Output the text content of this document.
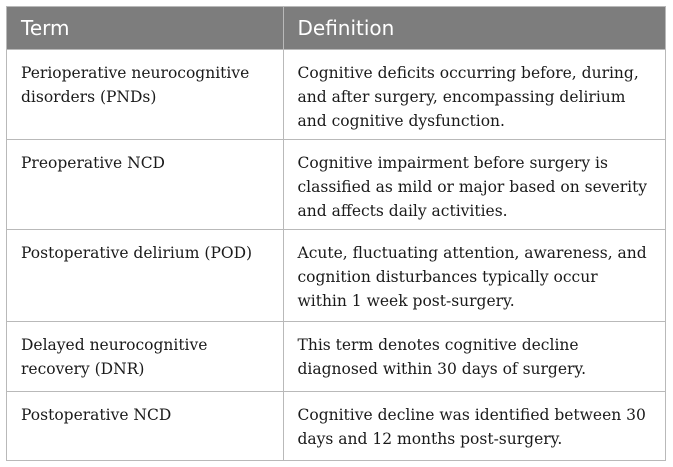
Term	Definition
Perioperative neurocognitive disorders (PNDs)	Cognitive deficits occurring before, during, and after surgery, encompassing delirium and cognitive dysfunction.
Preoperative NCD	Cognitive impairment before surgery is classified as mild or major based on severity and affects daily activities.
Postoperative delirium (POD)	Acute, fluctuating attention, awareness, and cognition disturbances typically occur within 1 week post-surgery.
Delayed neurocognitive recovery (DNR)	This term denotes cognitive decline diagnosed within 30 days of surgery.
Postoperative NCD	Cognitive decline was identified between 30 days and 12 months post-surgery.
